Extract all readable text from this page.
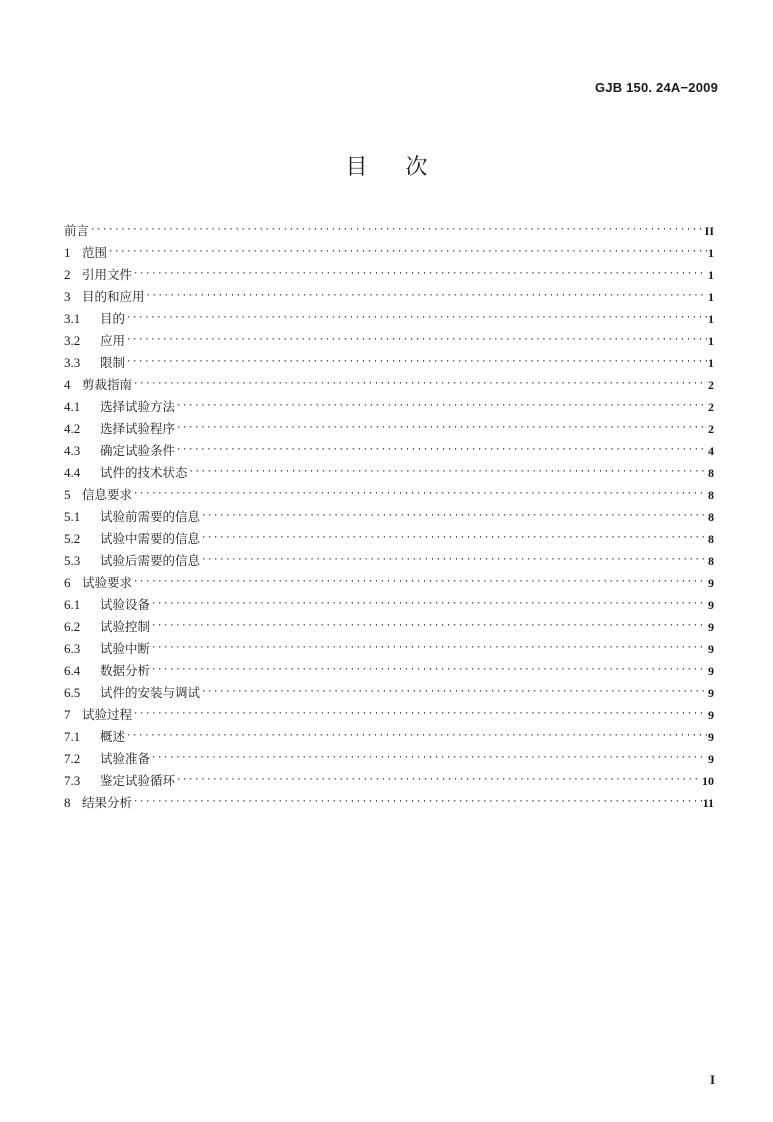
GJB 150. 24A−2009
目次
前言 ·····	II
1 范围 ·····	1
2 引用文件 ·····	1
3 目的和应用 ·····	1
3.1	目的 ·····	1
3.2	应用 ·····	1
3.3	限制 ·····	1
4 剪裁指南 ·····	2
4.1	选择试验方法 ·····	2
4.2	选择试验程序 ·····	2
4.3	确定试验条件 ·····	4
4.4	试件的技术状态 ·····	8
5 信息要求 ·····	8
5.1	试验前需要的信息 ·····	8
5.2	试验中需要的信息 ·····	8
5.3	试验后需要的信息 ·····	8
6 试验要求 ·····	9
6.1	试验设备 ·····	9
6.2	试验控制 ·····	9
6.3	试验中断 ·····	9
6.4	数据分析 ·····	9
6.5	试件的安装与调试 ·····	9
7 试验过程 ·····	9
7.1	概述 ·····	9
7.2	试验准备 ·····	9
7.3	鉴定试验循环 ·····	10
8 结果分析 ·····	11
I
